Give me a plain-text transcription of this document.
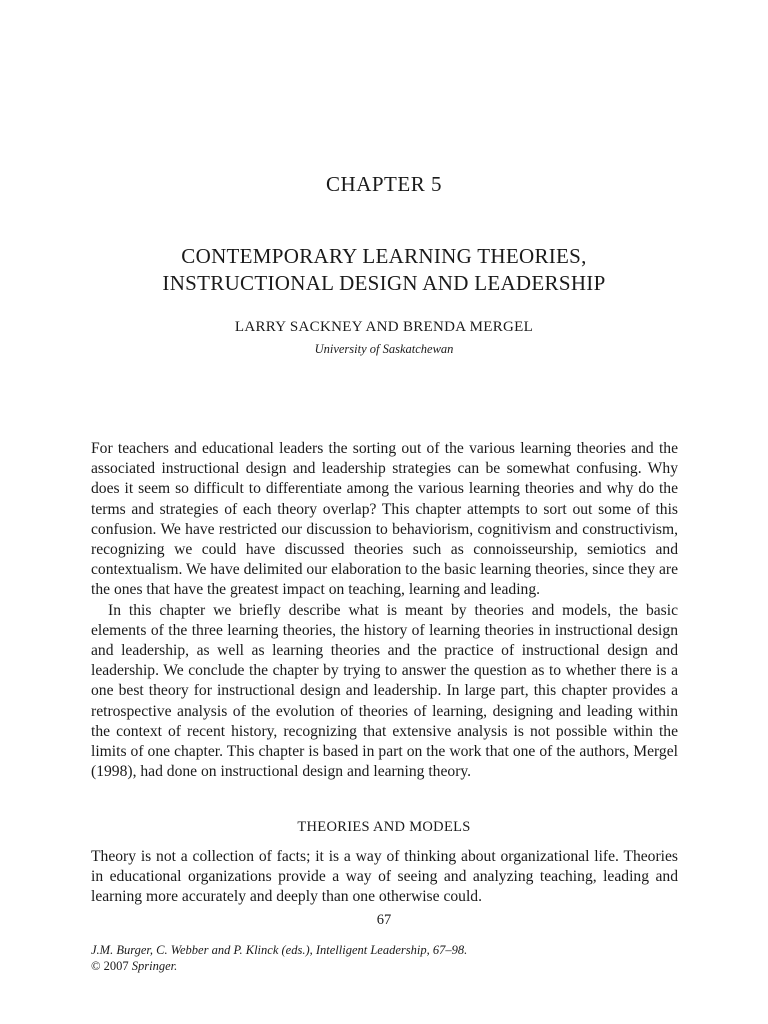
CHAPTER 5
CONTEMPORARY LEARNING THEORIES,
INSTRUCTIONAL DESIGN AND LEADERSHIP
LARRY SACKNEY AND BRENDA MERGEL
University of Saskatchewan

For teachers and educational leaders the sorting out of the various learning theories and the associated instructional design and leadership strategies can be somewhat confusing. Why does it seem so difficult to differentiate among the various learning theories and why do the terms and strategies of each theory overlap? This chapter attempts to sort out some of this confusion. We have restricted our discussion to behaviorism, cognitivism and constructivism, recognizing we could have discussed theories such as connoisseurship, semiotics and contextualism. We have delimited our elaboration to the basic learning theories, since they are the ones that have the greatest impact on teaching, learning and leading.

In this chapter we briefly describe what is meant by theories and models, the basic elements of the three learning theories, the history of learning theories in instructional design and leadership, as well as learning theories and the practice of instructional design and leadership. We conclude the chapter by trying to answer the question as to whether there is a one best theory for instructional design and leadership. In large part, this chapter provides a retrospective analysis of the evolution of theories of learning, designing and leading within the context of recent history, recognizing that extensive analysis is not possible within the limits of one chapter. This chapter is based in part on the work that one of the authors, Mergel (1998), had done on instructional design and learning theory.

THEORIES AND MODELS

Theory is not a collection of facts; it is a way of thinking about organizational life. Theories in educational organizations provide a way of seeing and analyzing teaching, leading and learning more accurately and deeply than one otherwise could.

67
J.M. Burger, C. Webber and P. Klinck (eds.), Intelligent Leadership, 67–98.
© 2007 Springer.
